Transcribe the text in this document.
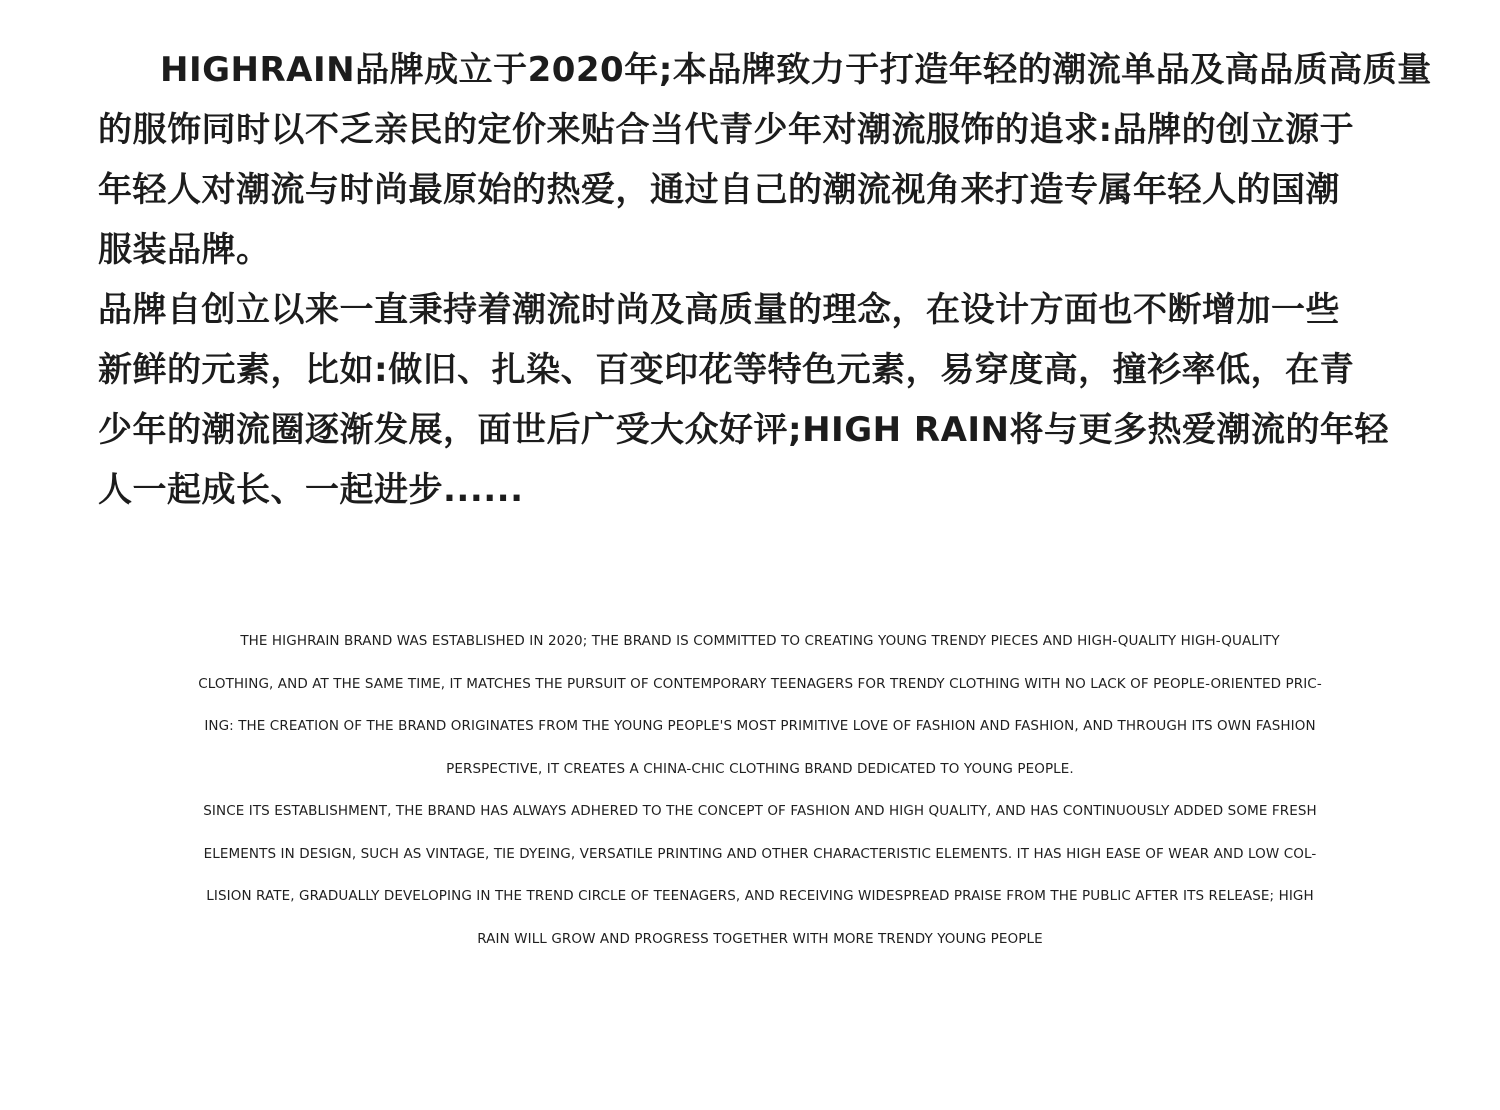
HIGHRAIN品牌成立于2020年;本品牌致力于打造年轻的潮流单品及高品质高质量
的服饰同时以不乏亲民的定价来贴合当代青少年对潮流服饰的追求:品牌的创立源于
年轻人对潮流与时尚最原始的热爱，通过自己的潮流视角来打造专属年轻人的国潮
服装品牌。
品牌自创立以来一直秉持着潮流时尚及高质量的理念，在设计方面也不断增加一些
新鲜的元素，比如:做旧、扎染、百变印花等特色元素，易穿度高，撞衫率低，在青
少年的潮流圈逐渐发展，面世后广受大众好评;HIGH RAIN将与更多热爱潮流的年轻
人一起成长、一起进步......
THE HIGHRAIN BRAND WAS ESTABLISHED IN 2020; THE BRAND IS COMMITTED TO CREATING YOUNG TRENDY PIECES AND HIGH-QUALITY HIGH-QUALITY
CLOTHING, AND AT THE SAME TIME, IT MATCHES THE PURSUIT OF CONTEMPORARY TEENAGERS FOR TRENDY CLOTHING WITH NO LACK OF PEOPLE-ORIENTED PRIC-
ING: THE CREATION OF THE BRAND ORIGINATES FROM THE YOUNG PEOPLE'S MOST PRIMITIVE LOVE OF FASHION AND FASHION, AND THROUGH ITS OWN FASHION
PERSPECTIVE, IT CREATES A CHINA-CHIC CLOTHING BRAND DEDICATED TO YOUNG PEOPLE.
SINCE ITS ESTABLISHMENT, THE BRAND HAS ALWAYS ADHERED TO THE CONCEPT OF FASHION AND HIGH QUALITY, AND HAS CONTINUOUSLY ADDED SOME FRESH
ELEMENTS IN DESIGN, SUCH AS VINTAGE, TIE DYEING, VERSATILE PRINTING AND OTHER CHARACTERISTIC ELEMENTS. IT HAS HIGH EASE OF WEAR AND LOW COL-
LISION RATE, GRADUALLY DEVELOPING IN THE TREND CIRCLE OF TEENAGERS, AND RECEIVING WIDESPREAD PRAISE FROM THE PUBLIC AFTER ITS RELEASE; HIGH
RAIN WILL GROW AND PROGRESS TOGETHER WITH MORE TRENDY YOUNG PEOPLE
